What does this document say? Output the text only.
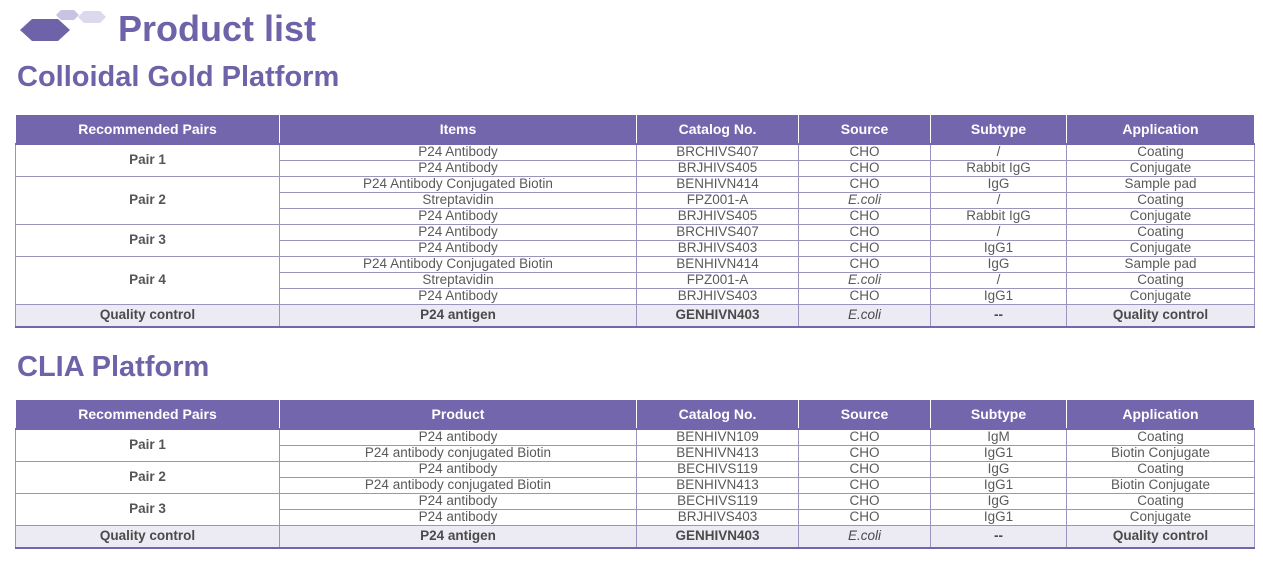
Product list
Colloidal Gold Platform
Recommended Pairs	Items	Catalog No.	Source	Subtype	Application
Pair 1	P24 Antibody	BRCHIVS407	CHO	/	Coating
	P24 Antibody	BRJHIVS405	CHO	Rabbit IgG	Conjugate
Pair 2	P24 Antibody Conjugated Biotin	BENHIVN414	CHO	IgG	Sample pad
	Streptavidin	FPZ001-A	E.coli	/	Coating
	P24 Antibody	BRJHIVS405	CHO	Rabbit IgG	Conjugate
Pair 3	P24 Antibody	BRCHIVS407	CHO	/	Coating
	P24 Antibody	BRJHIVS403	CHO	IgG1	Conjugate
Pair 4	P24 Antibody Conjugated Biotin	BENHIVN414	CHO	IgG	Sample pad
	Streptavidin	FPZ001-A	E.coli	/	Coating
	P24 Antibody	BRJHIVS403	CHO	IgG1	Conjugate
Quality control	P24 antigen	GENHIVN403	E.coli	--	Quality control
CLIA Platform
Recommended Pairs	Product	Catalog No.	Source	Subtype	Application
Pair 1	P24 antibody	BENHIVN109	CHO	IgM	Coating
	P24 antibody conjugated Biotin	BENHIVN413	CHO	IgG1	Biotin Conjugate
Pair 2	P24 antibody	BECHIVS119	CHO	IgG	Coating
	P24 antibody conjugated Biotin	BENHIVN413	CHO	IgG1	Biotin Conjugate
Pair 3	P24 antibody	BECHIVS119	CHO	IgG	Coating
	P24 antibody	BRJHIVS403	CHO	IgG1	Conjugate
Quality control	P24 antigen	GENHIVN403	E.coli	--	Quality control
